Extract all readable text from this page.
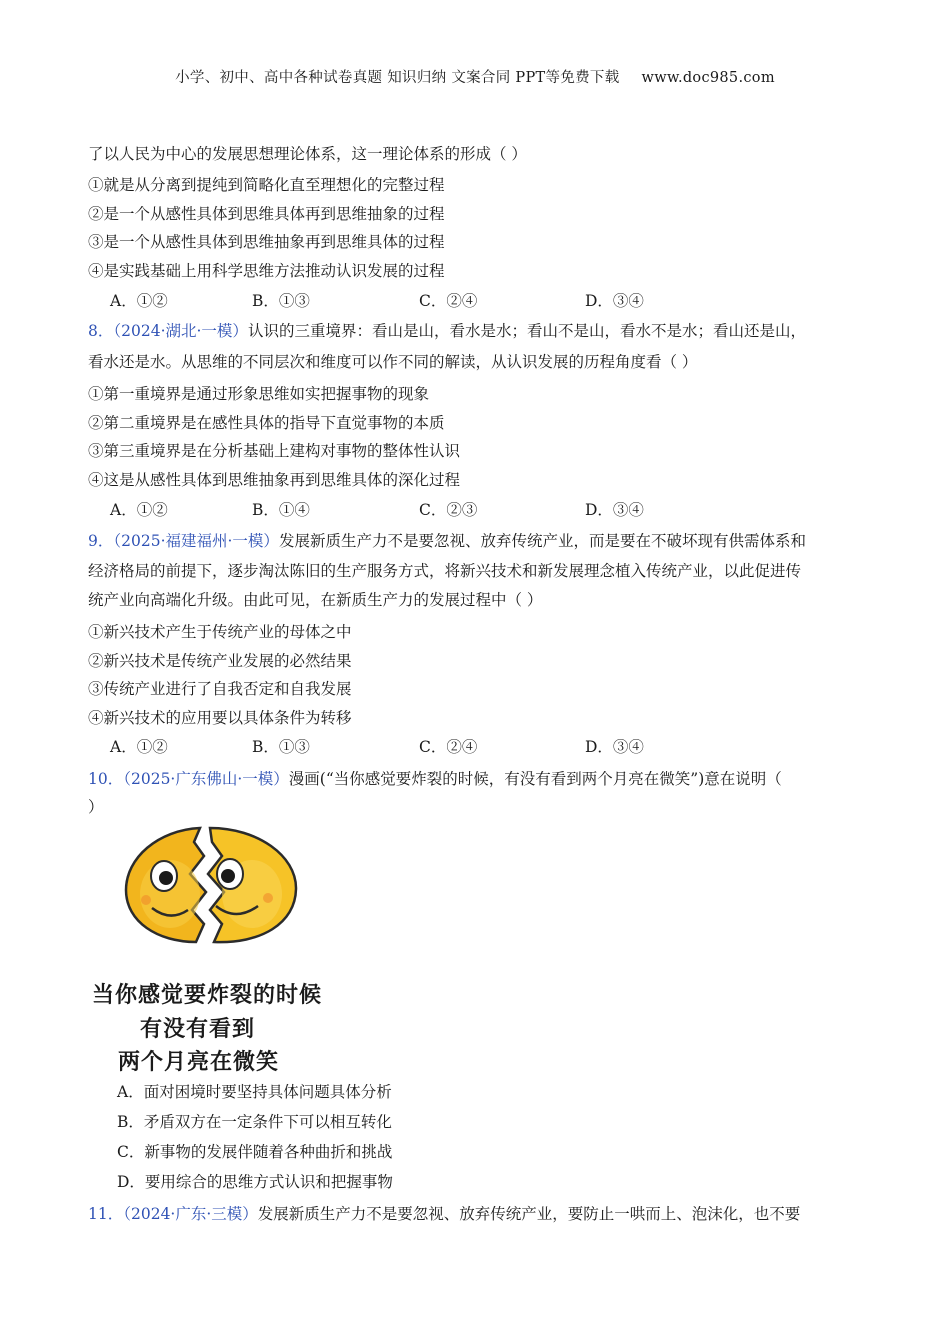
小学、初中、高中各种试卷真题 知识归纳 文案合同 PPT等免费下载 www.doc985.com
了以人民为中心的发展思想理论体系，这一理论体系的形成（ ）
①就是从分离到提纯到简略化直至理想化的完整过程
②是一个从感性具体到思维具体再到思维抽象的过程
③是一个从感性具体到思维抽象再到思维具体的过程
④是实践基础上用科学思维方法推动认识发展的过程
A．①②	B．①③	C．②④	D．③④
8．（2024·湖北·一模）认识的三重境界：看山是山，看水是水；看山不是山，看水不是水；看山还是山，
看水还是水。从思维的不同层次和维度可以作不同的解读，从认识发展的历程角度看（ ）
①第一重境界是通过形象思维如实把握事物的现象
②第二重境界是在感性具体的指导下直觉事物的本质
③第三重境界是在分析基础上建构对事物的整体性认识
④这是从感性具体到思维抽象再到思维具体的深化过程
A．①②	B．①④	C．②③	D．③④
9．（2025·福建福州·一模）发展新质生产力不是要忽视、放弃传统产业，而是要在不破坏现有供需体系和
经济格局的前提下，逐步淘汰陈旧的生产服务方式，将新兴技术和新发展理念植入传统产业，以此促进传
统产业向高端化升级。由此可见，在新质生产力的发展过程中（ ）
①新兴技术产生于传统产业的母体之中
②新兴技术是传统产业发展的必然结果
③传统产业进行了自我否定和自我发展
④新兴技术的应用要以具体条件为转移
A．①②	B．①③	C．②④	D．③④
10．（2025·广东佛山·一模）漫画(“当你感觉要炸裂的时候，有没有看到两个月亮在微笑”)意在说明（
）
当你感觉要炸裂的时候
有没有看到
两个月亮在微笑
A．面对困境时要坚持具体问题具体分析
B．矛盾双方在一定条件下可以相互转化
C．新事物的发展伴随着各种曲折和挑战
D．要用综合的思维方式认识和把握事物
11．（2024·广东·三模）发展新质生产力不是要忽视、放弃传统产业，要防止一哄而上、泡沫化，也不要
